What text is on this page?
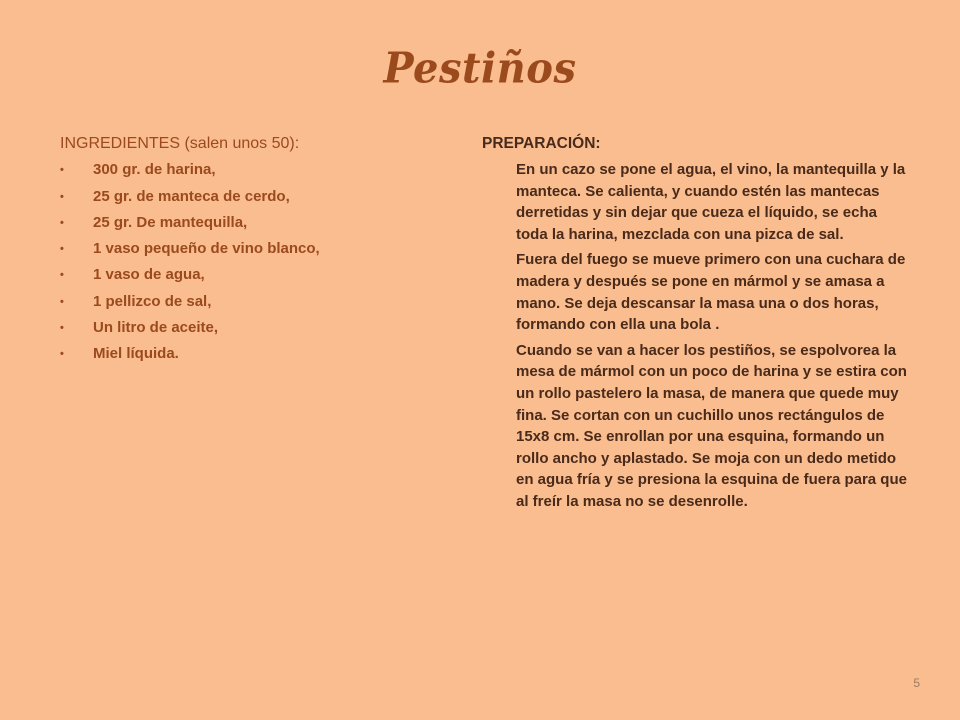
Pestiños
INGREDIENTES (salen unos 50):
• 300 gr. de harina,
• 25 gr. de manteca de cerdo,
• 25 gr. De mantequilla,
• 1 vaso pequeño de vino blanco,
• 1 vaso de agua,
• 1 pellizco de sal,
• Un litro de aceite,
• Miel líquida.
PREPARACIÓN:

En un cazo se pone el agua, el vino, la mantequilla y la manteca. Se calienta, y cuando estén las mantecas derretidas y sin dejar que cueza el líquido, se echa toda la harina, mezclada con una pizca de sal.

Fuera del fuego se mueve primero con una cuchara de madera y después se pone en mármol y se amasa a mano. Se deja descansar la masa una o dos horas, formando con ella una bola .

Cuando se van a hacer los pestiños, se espolvorea la mesa de mármol con un poco de harina y se estira con un rollo pastelero la masa, de manera que quede muy fina. Se cortan con un cuchillo unos rectángulos de 15x8 cm. Se enrollan por una esquina, formando un rollo ancho y aplastado. Se moja con un dedo metido en agua fría y se presiona la esquina de fuera para que al freír la masa no se desenrolle.

5
